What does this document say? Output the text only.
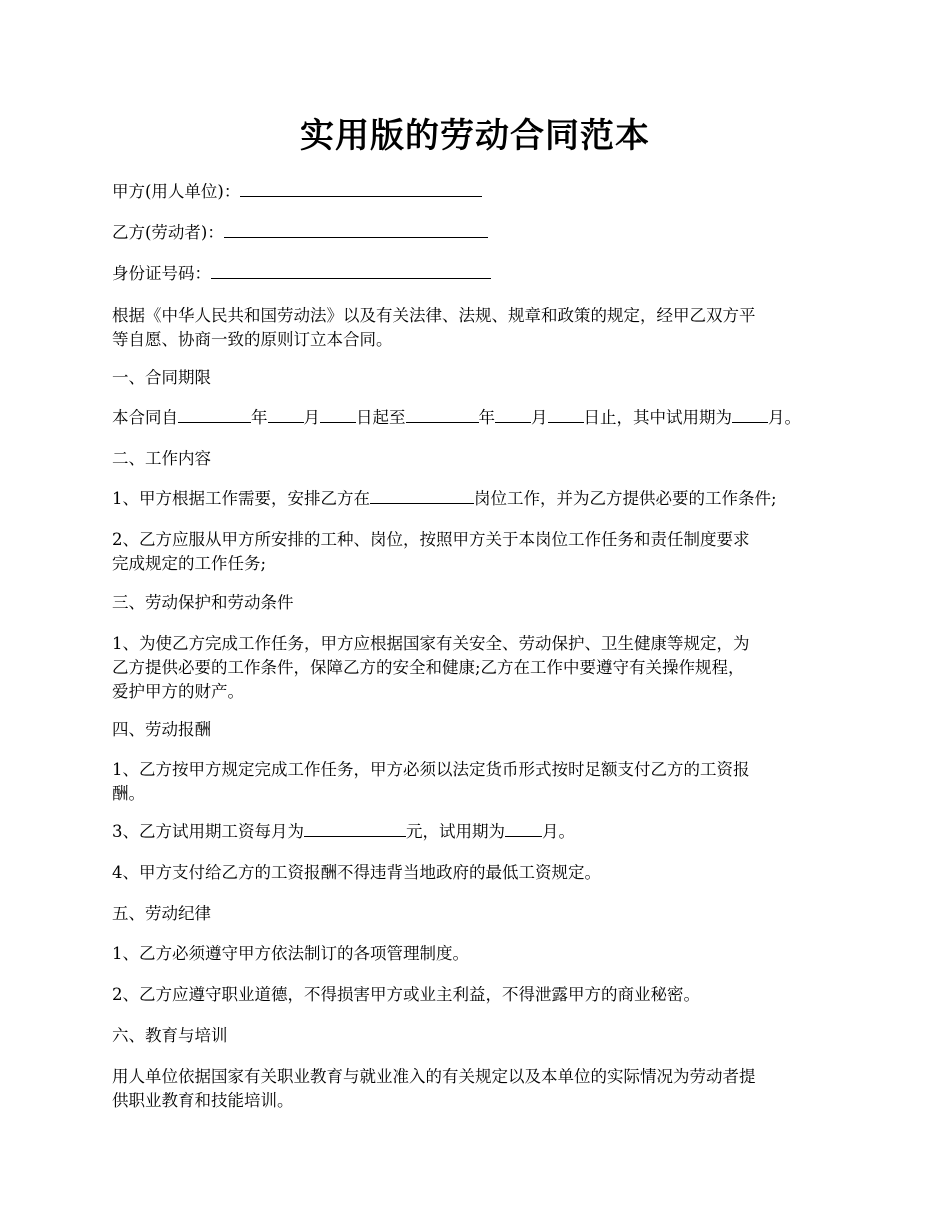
实用版的劳动合同范本
甲方(用人单位)：
乙方(劳动者)：
身份证号码：
根据《中华人民共和国劳动法》以及有关法律、法规、规章和政策的规定，经甲乙双方平
等自愿、协商一致的原则订立本合同。
一、合同期限
本合同自	年 月 日起至	年 月 日止，其中试用期为 月。
二、工作内容
1、甲方根据工作需要，安排乙方在	岗位工作，并为乙方提供必要的工作条件;
2、乙方应服从甲方所安排的工种、岗位，按照甲方关于本岗位工作任务和责任制度要求
完成规定的工作任务;
三、劳动保护和劳动条件
1、为使乙方完成工作任务，甲方应根据国家有关安全、劳动保护、卫生健康等规定，为
乙方提供必要的工作条件，保障乙方的安全和健康;乙方在工作中要遵守有关操作规程，
爱护甲方的财产。
四、劳动报酬
1、乙方按甲方规定完成工作任务，甲方必须以法定货币形式按时足额支付乙方的工资报
酬。
3、乙方试用期工资每月为	元，试用期为 月。
4、甲方支付给乙方的工资报酬不得违背当地政府的最低工资规定。
五、劳动纪律
1、乙方必须遵守甲方依法制订的各项管理制度。
2、乙方应遵守职业道德，不得损害甲方或业主利益，不得泄露甲方的商业秘密。
六、教育与培训
用人单位依据国家有关职业教育与就业准入的有关规定以及本单位的实际情况为劳动者提
供职业教育和技能培训。
